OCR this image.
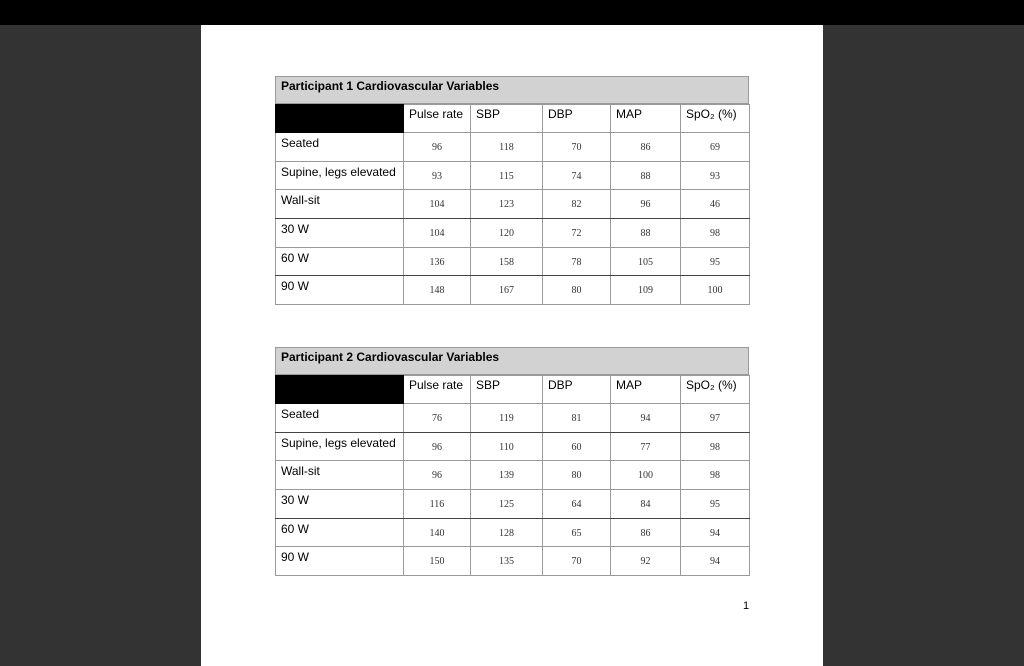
Participant 1 Cardiovascular Variables
	Pulse rate	SBP	DBP	MAP	SpO₂ (%)
Seated	96	118	70	86	69
Supine, legs elevated	93	115	74	88	93
Wall-sit	104	123	82	96	46
30 W	104	120	72	88	98
60 W	136	158	78	105	95
90 W	148	167	80	109	100
Participant 2 Cardiovascular Variables
	Pulse rate	SBP	DBP	MAP	SpO₂ (%)
Seated	76	119	81	94	97
Supine, legs elevated	96	110	60	77	98
Wall-sit	96	139	80	100	98
30 W	116	125	64	84	95
60 W	140	128	65	86	94
90 W	150	135	70	92	94
1
